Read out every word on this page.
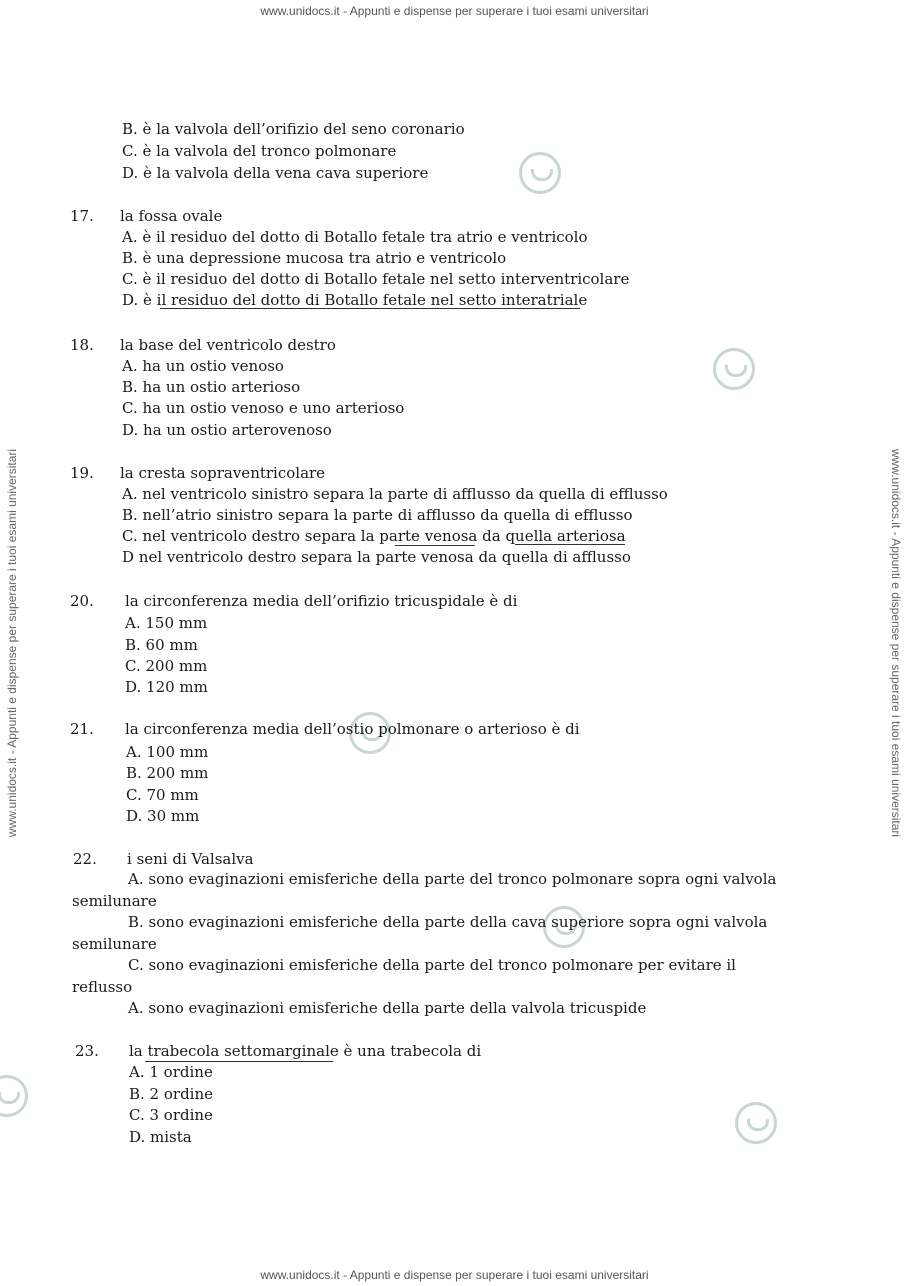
www.unidocs.it - Appunti e dispense per superare i tuoi esami universitari
www.unidocs.it - Appunti e dispense per superare i tuoi esami universitari
www.unidocs.it - Appunti e dispense per superare i tuoi esami universitari	www.unidocs.it - Appunti e dispense per superare i tuoi esami universitari
B. è la valvola dell’orifizio del seno coronario
C. è la valvola del tronco polmonare
D. è la valvola della vena cava superiore
17. la fossa ovale
A. è il residuo del dotto di Botallo fetale tra atrio e ventricolo
B. è una depressione mucosa tra atrio e ventricolo
C. è il residuo del dotto di Botallo fetale nel setto interventricolare
D. è il residuo del dotto di Botallo fetale nel setto interatriale
18. la base del ventricolo destro
A. ha un ostio venoso
B. ha un ostio arterioso
C. ha un ostio venoso e uno arterioso
D. ha un ostio arterovenoso
19. la cresta sopraventricolare
A. nel ventricolo sinistro separa la parte di afflusso da quella di efflusso
B. nell’atrio sinistro separa la parte di afflusso da quella di efflusso
C. nel ventricolo destro separa la parte venosa da quella arteriosa
D nel ventricolo destro separa la parte venosa da quella di afflusso
20. la circonferenza media dell’orifizio tricuspidale è di
A. 150 mm
B. 60 mm
C. 200 mm
D. 120 mm
21. la circonferenza media dell’ostio polmonare o arterioso è di
A. 100 mm
B. 200 mm
C. 70 mm
D. 30 mm
22. i seni di Valsalva
A. sono evaginazioni emisferiche della parte del tronco polmonare sopra ogni valvola
semilunare
B. sono evaginazioni emisferiche della parte della cava superiore sopra ogni valvola
semilunare
C. sono evaginazioni emisferiche della parte del tronco polmonare per evitare il
reflusso
A. sono evaginazioni emisferiche della parte della valvola tricuspide
23. la trabecola settomarginale è una trabecola di
A. 1 ordine
B. 2 ordine
C. 3 ordine
D. mista
